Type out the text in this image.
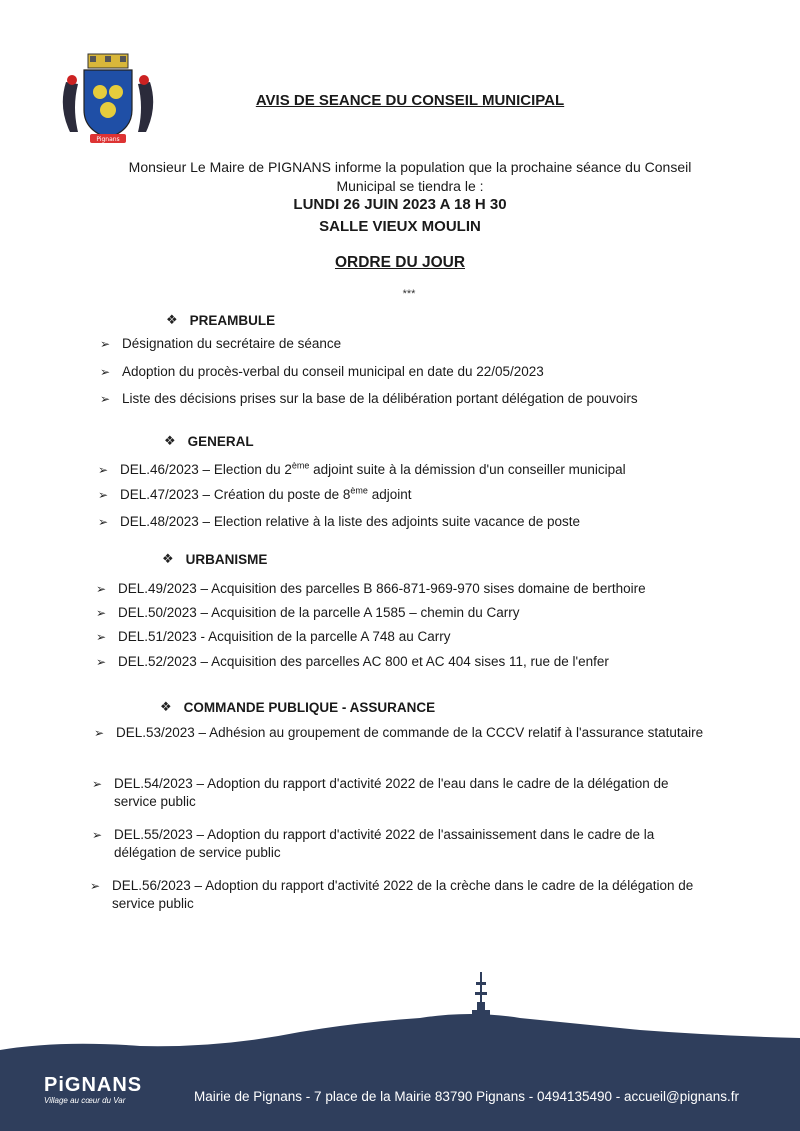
Pignans
AVIS DE SEANCE DU CONSEIL MUNICIPAL
Monsieur Le Maire de PIGNANS informe la population que la prochaine séance du Conseil Municipal se tiendra le :
LUNDI 26 JUIN 2023 A 18 H 30
SALLE VIEUX MOULIN
ORDRE DU JOUR
***
❖ PREAMBULE
➢ Désignation du secrétaire de séance
➢ Adoption du procès-verbal du conseil municipal en date du 22/05/2023
➢ Liste des décisions prises sur la base de la délibération portant délégation de pouvoirs
❖ GENERAL
➢ DEL.46/2023 – Election du 2ème adjoint suite à la démission d'un conseiller municipal
➢ DEL.47/2023 – Création du poste de 8ème adjoint
➢ DEL.48/2023 – Election relative à la liste des adjoints suite vacance de poste
❖ URBANISME
➢ DEL.49/2023 – Acquisition des parcelles B 866-871-969-970 sises domaine de berthoire
➢ DEL.50/2023 – Acquisition de la parcelle A 1585 – chemin du Carry
➢ DEL.51/2023 - Acquisition de la parcelle A 748 au Carry
➢ DEL.52/2023 – Acquisition des parcelles AC 800 et AC 404 sises 11, rue de l'enfer
❖ COMMANDE PUBLIQUE - ASSURANCE
➢ DEL.53/2023 – Adhésion au groupement de commande de la CCCV relatif à l'assurance statutaire
➢ DEL.54/2023 – Adoption du rapport d'activité 2022 de l'eau dans le cadre de la délégation de service public
➢ DEL.55/2023 – Adoption du rapport d'activité 2022 de l'assainissement dans le cadre de la délégation de service public
➢ DEL.56/2023 – Adoption du rapport d'activité 2022 de la crèche dans le cadre de la délégation de service public
PiGNANS
Village au cœur du Var	Mairie de Pignans - 7 place de la Mairie 83790 Pignans - 0494135490 - accueil@pignans.fr
